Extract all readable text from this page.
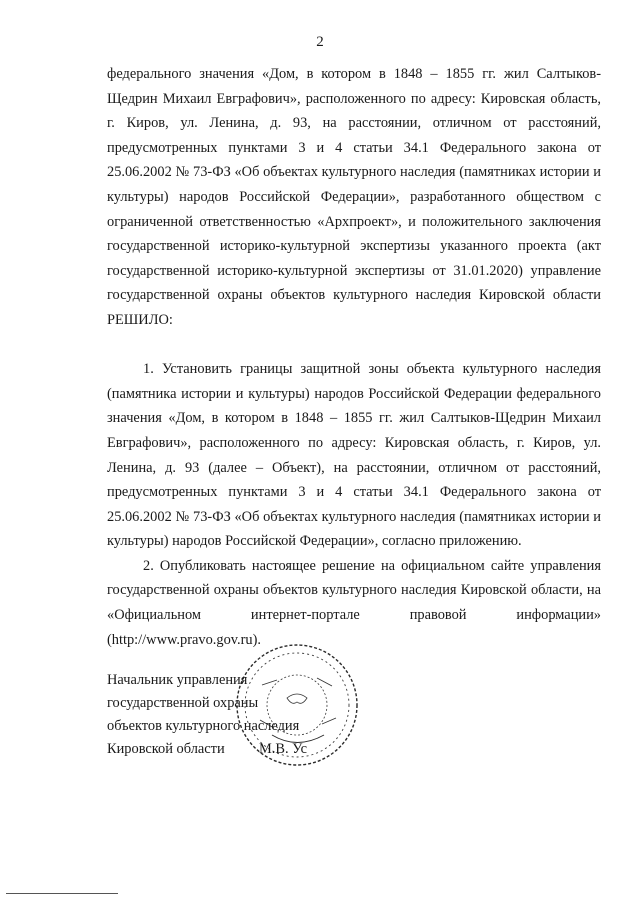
2

федерального значения «Дом, в котором в 1848 – 1855 гг. жил Салтыков-Щедрин Михаил Евграфович», расположенного по адресу: Кировская область, г. Киров, ул. Ленина, д. 93, на расстоянии, отличном от расстояний, предусмотренных пунктами 3 и 4 статьи 34.1 Федерального закона от 25.06.2002 № 73-ФЗ «Об объектах культурного наследия (памятниках истории и культуры) народов Российской Федерации», разработанного обществом с ограниченной ответственностью «Архпроект», и положительного заключения государственной историко-культурной экспертизы указанного проекта (акт государственной историко-культурной экспертизы от 31.01.2020) управление государственной охраны объектов культурного наследия Кировской области РЕШИЛО:

1. Установить границы защитной зоны объекта культурного наследия (памятника истории и культуры) народов Российской Федерации федерального значения «Дом, в котором в 1848 – 1855 гг. жил Салтыков-Щедрин Михаил Евграфович», расположенного по адресу: Кировская область, г. Киров, ул. Ленина, д. 93 (далее – Объект), на расстоянии, отличном от расстояний, предусмотренных пунктами 3 и 4 статьи 34.1 Федерального закона от 25.06.2002 № 73-ФЗ «Об объектах культурного наследия (памятниках истории и культуры) народов Российской Федерации», согласно приложению.

2. Опубликовать настоящее решение на официальном сайте управления государственной охраны объектов культурного наследия Кировской области, на «Официальном интернет-портале правовой информации» (http://www.pravo.gov.ru).

Начальник управления
государственной охраны
объектов культурного наследия
Кировской области	М.В. Ус
